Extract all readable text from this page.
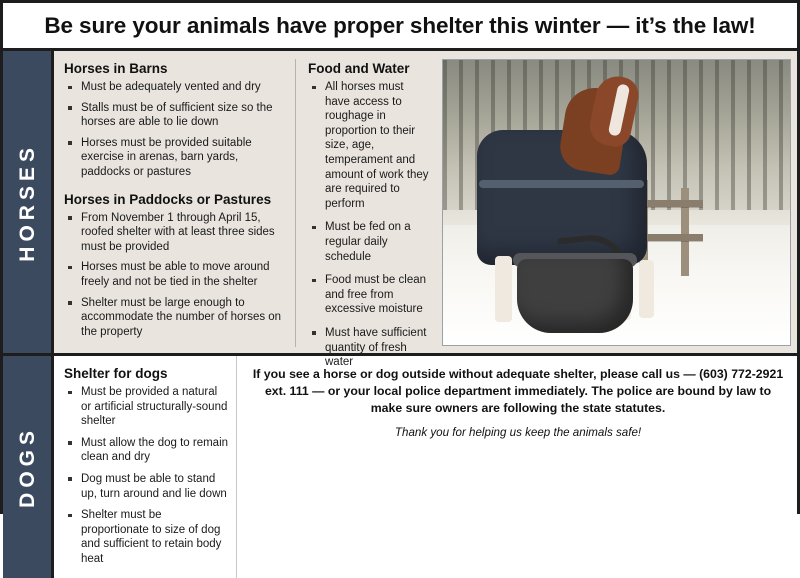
Be sure your animals have proper shelter this winter — it’s the law!
HORSES
Horses in Barns
Must be adequately vented and dry
Stalls must be of sufficient size so the horses are able to lie down
Horses must be provided suitable exercise in arenas, barn yards, paddocks or pastures
Horses in Paddocks or Pastures
From November 1 through April 15, roofed shelter with at least three sides must be provided
Horses must be able to move around freely and not be tied in the shelter
Shelter must be large enough to accommodate the number of horses on the property
Food and Water
All horses must have access to roughage in proportion to their size, age, temperament and amount of work they are required to perform
Must be fed on a regular daily schedule
Food must be clean and free from excessive moisture
Must have sufficient quantity of fresh water
DOGS
Shelter for dogs
Must be provided a natural or artificial structurally-sound shelter
Must allow the dog to remain clean and dry
Dog must be able to stand up, turn around and lie down
Shelter must be proportionate to size of dog and sufficient to retain body heat

If you see a horse or dog outside without adequate shelter, please call us — (603) 772-2921 ext. 111 — or your local police department immediately. The police are bound by law to make sure owners are following the state statutes.

Thank you for helping us keep the animals safe!
